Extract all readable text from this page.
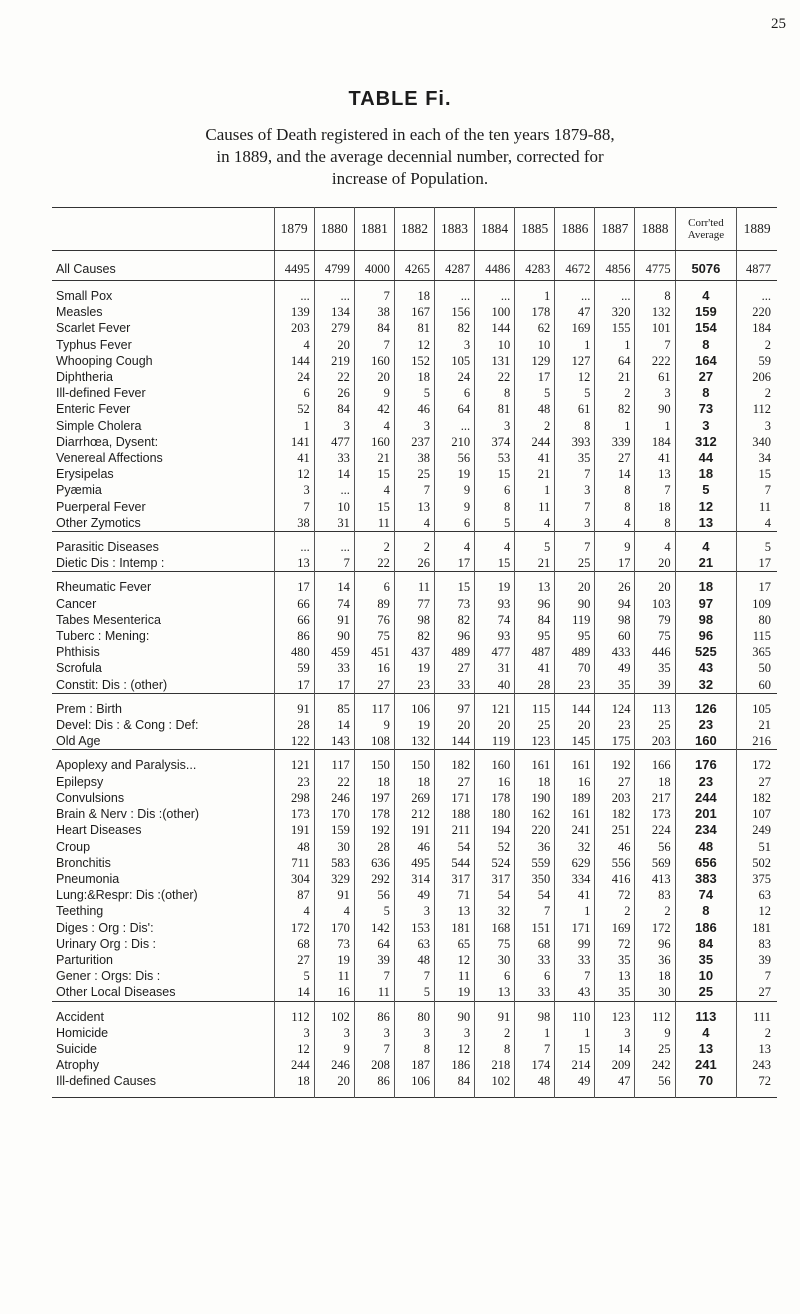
25
TABLE Fi.
Causes of Death registered in each of the ten years 1879-88,
in 1889, and the average decennial number, corrected for
increase of Population.
	1879	1880	1881	1882	1883	1884	1885	1886	1887	1888	Corr'ted Average	1889

All Causes	4495	4799	4000	4265	4287	4486	4283	4672	4856	4775	5076	4877

Small Pox	...	...	7	18	...	...	1	...	...	8	4	...
Measles	139	134	38	167	156	100	178	47	320	132	159	220
Scarlet Fever	203	279	84	81	82	144	62	169	155	101	154	184
Typhus Fever	4	20	7	12	3	10	10	1	1	7	8	2
Whooping Cough	144	219	160	152	105	131	129	127	64	222	164	59
Diphtheria	24	22	20	18	24	22	17	12	21	61	27	206
Ill-defined Fever	6	26	9	5	6	8	5	5	2	3	8	2
Enteric Fever	52	84	42	46	64	81	48	61	82	90	73	112
Simple Cholera	1	3	4	3	...	3	2	8	1	1	3	3
Diarrhœa, Dysent:	141	477	160	237	210	374	244	393	339	184	312	340
Venereal Affections	41	33	21	38	56	53	41	35	27	41	44	34
Erysipelas	12	14	15	25	19	15	21	7	14	13	18	15
Pyæmia	3	...	4	7	9	6	1	3	8	7	5	7
Puerperal Fever	7	10	15	13	9	8	11	7	8	18	12	11
Other Zymotics	38	31	11	4	6	5	4	3	4	8	13	4

Parasitic Diseases	...	...	2	2	4	4	5	7	9	4	4	5
Dietic Dis : Intemp :	13	7	22	26	17	15	21	25	17	20	21	17

Rheumatic Fever	17	14	6	11	15	19	13	20	26	20	18	17
Cancer	66	74	89	77	73	93	96	90	94	103	97	109
Tabes Mesenterica	66	91	76	98	82	74	84	119	98	79	98	80
Tuberc : Mening:	86	90	75	82	96	93	95	95	60	75	96	115
Phthisis	480	459	451	437	489	477	487	489	433	446	525	365
Scrofula	59	33	16	19	27	31	41	70	49	35	43	50
Constit: Dis : (other)	17	17	27	23	33	40	28	23	35	39	32	60

Prem : Birth	91	85	117	106	97	121	115	144	124	113	126	105
Devel: Dis : & Cong : Def:	28	14	9	19	20	20	25	20	23	25	23	21
Old Age	122	143	108	132	144	119	123	145	175	203	160	216

Apoplexy and Paralysis...	121	117	150	150	182	160	161	161	192	166	176	172
Epilepsy	23	22	18	18	27	16	18	16	27	18	23	27
Convulsions	298	246	197	269	171	178	190	189	203	217	244	182
Brain & Nerv : Dis :(other)	173	170	178	212	188	180	162	161	182	173	201	107
Heart Diseases	191	159	192	191	211	194	220	241	251	224	234	249
Croup	48	30	28	46	54	52	36	32	46	56	48	51
Bronchitis	711	583	636	495	544	524	559	629	556	569	656	502
Pneumonia	304	329	292	314	317	317	350	334	416	413	383	375
Lung:&Respr: Dis :(other)	87	91	56	49	71	54	54	41	72	83	74	63
Teething	4	4	5	3	13	32	7	1	2	2	8	12
Diges : Org : Dis':	172	170	142	153	181	168	151	171	169	172	186	181
Urinary Org : Dis :	68	73	64	63	65	75	68	99	72	96	84	83
Parturition	27	19	39	48	12	30	33	33	35	36	35	39
Gener : Orgs: Dis :	5	11	7	7	11	6	6	7	13	18	10	7
Other Local Diseases	14	16	11	5	19	13	33	43	35	30	25	27

Accident	112	102	86	80	90	91	98	110	123	112	113	111
Homicide	3	3	3	3	3	2	1	1	3	9	4	2
Suicide	12	9	7	8	12	8	7	15	14	25	13	13
Atrophy	244	246	208	187	186	218	174	214	209	242	241	243
Ill-defined Causes	18	20	86	106	84	102	48	49	47	56	70	72
